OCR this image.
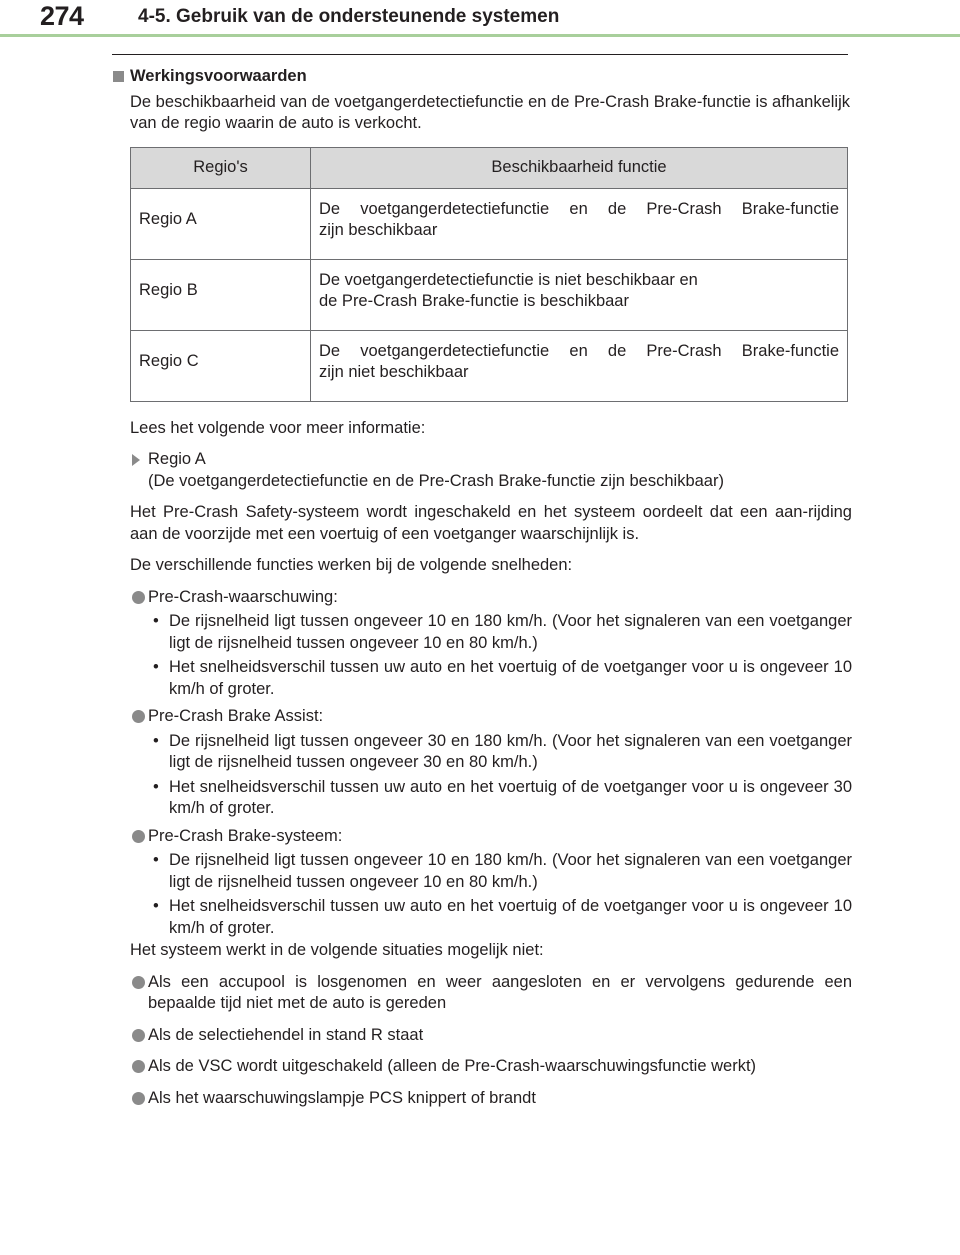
274	4-5. Gebruik van de ondersteunende systemen
Werkingsvoorwaarden

De beschikbaarheid van de voetgangerdetectiefunctie en de Pre-Crash Brake-functie is afhankelijk van de regio waarin de auto is verkocht.

Regio's	Beschikbaarheid functie
Regio A	De voetgangerdetectiefunctie en de Pre-Crash Brake-functie
zijn beschikbaar

Regio B	De voetgangerdetectiefunctie is niet beschikbaar en
de Pre-Crash Brake-functie is beschikbaar

Regio C	De voetgangerdetectiefunctie en de Pre-Crash Brake-functie
zijn niet beschikbaar

Lees het volgende voor meer informatie:

Regio A
(De voetgangerdetectiefunctie en de Pre-Crash Brake-functie zijn beschikbaar)

Het Pre-Crash Safety-systeem wordt ingeschakeld en het systeem oordeelt dat een aan-rijding aan de voorzijde met een voertuig of een voetganger waarschijnlijk is.

De verschillende functies werken bij de volgende snelheden:

Pre-Crash-waarschuwing:
• De rijsnelheid ligt tussen ongeveer 10 en 180 km/h. (Voor het signaleren van een voetganger ligt de rijsnelheid tussen ongeveer 10 en 80 km/h.)
• Het snelheidsverschil tussen uw auto en het voertuig of de voetganger voor u is ongeveer 10 km/h of groter.
Pre-Crash Brake Assist:
• De rijsnelheid ligt tussen ongeveer 30 en 180 km/h. (Voor het signaleren van een voetganger ligt de rijsnelheid tussen ongeveer 30 en 80 km/h.)
• Het snelheidsverschil tussen uw auto en het voertuig of de voetganger voor u is ongeveer 30 km/h of groter.
Pre-Crash Brake-systeem:
• De rijsnelheid ligt tussen ongeveer 10 en 180 km/h. (Voor het signaleren van een voetganger ligt de rijsnelheid tussen ongeveer 10 en 80 km/h.)
• Het snelheidsverschil tussen uw auto en het voertuig of de voetganger voor u is ongeveer 10 km/h of groter.

Het systeem werkt in de volgende situaties mogelijk niet:

Als een accupool is losgenomen en weer aangesloten en er vervolgens gedurende een bepaalde tijd niet met de auto is gereden
Als de selectiehendel in stand R staat
Als de VSC wordt uitgeschakeld (alleen de Pre-Crash-waarschuwingsfunctie werkt)
Als het waarschuwingslampje PCS knippert of brandt
